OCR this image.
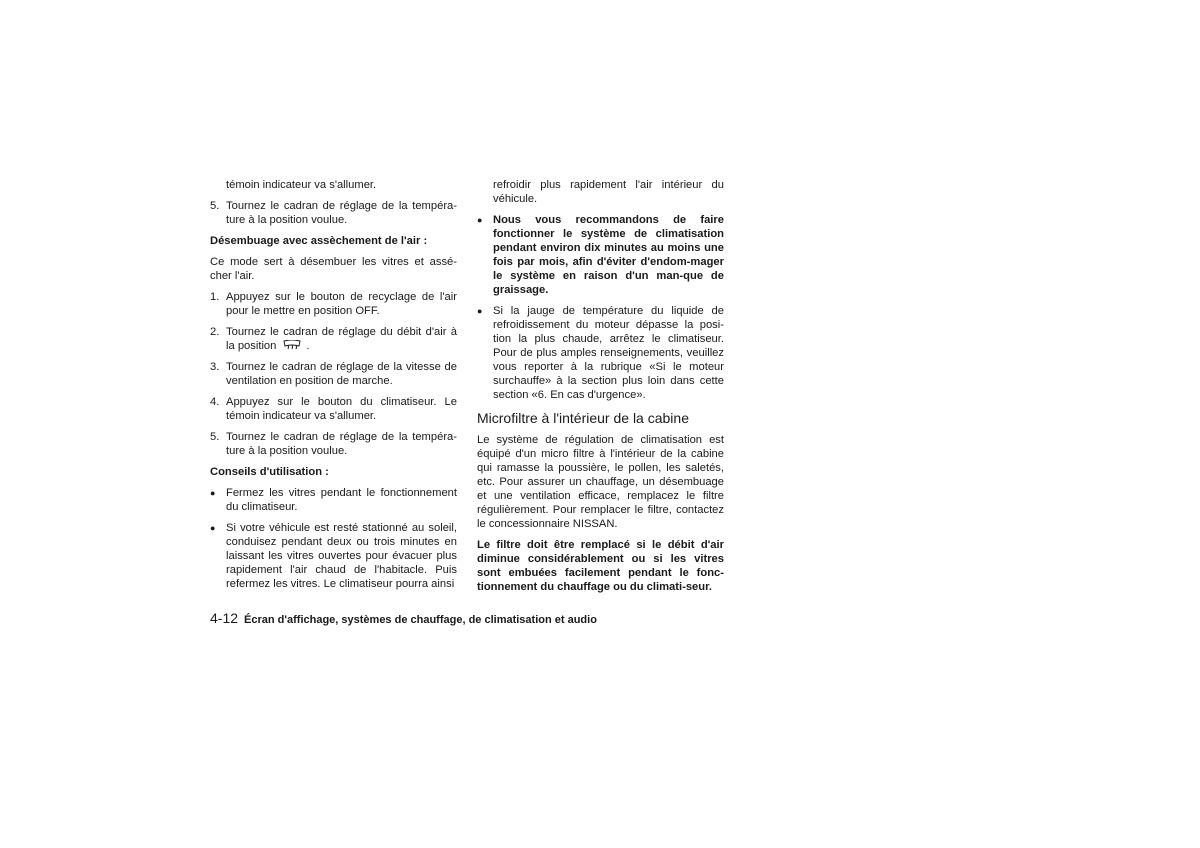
témoin indicateur va s'allumer.

5. Tournez le cadran de réglage de la tempéra-ture à la position voulue.
Désembuage avec assèchement de l'air :

Ce mode sert à désembuer les vitres et assé-cher l'air.

1. Appuyez sur le bouton de recyclage de l'air pour le mettre en position OFF.
2. Tournez le cadran de réglage du débit d'air à la position	.
3. Tournez le cadran de réglage de la vitesse de ventilation en position de marche.
4. Appuyez sur le bouton du climatiseur. Le témoin indicateur va s'allumer.
5. Tournez le cadran de réglage de la tempéra-ture à la position voulue.
Conseils d'utilisation :
● Fermez les vitres pendant le fonctionnement du climatiseur.
● Si votre véhicule est resté stationné au soleil, conduisez pendant deux ou trois minutes en laissant les vitres ouvertes pour évacuer plus rapidement l'air chaud de l'habitacle. Puis refermez les vitres. Le climatiseur pourra ainsi

refroidir plus rapidement l'air intérieur du véhicule.

● Nous vous recommandons de faire fonctionner le système de climatisation pendant environ dix minutes au moins une fois par mois, afin d'éviter d'endom-mager le système en raison d'un man-que de graissage.
● Si la jauge de température du liquide de refroidissement du moteur dépasse la posi-tion la plus chaude, arrêtez le climatiseur. Pour de plus amples renseignements, veuillez vous reporter à la rubrique «Si le moteur surchauffe» à la section plus loin dans cette section «6. En cas d'urgence».
Microfiltre à l'intérieur de la cabine

Le système de régulation de climatisation est équipé d'un micro filtre à l'intérieur de la cabine qui ramasse la poussière, le pollen, les saletés, etc. Pour assurer un chauffage, un désembuage et une ventilation efficace, remplacez le filtre régulièrement. Pour remplacer le filtre, contactez le concessionnaire NISSAN.

Le filtre doit être remplacé si le débit d'air diminue considérablement ou si les vitres sont embuées facilement pendant le fonc-tionnement du chauffage ou du climati-seur.

4-12 Écran d'affichage, systèmes de chauffage, de climatisation et audio
